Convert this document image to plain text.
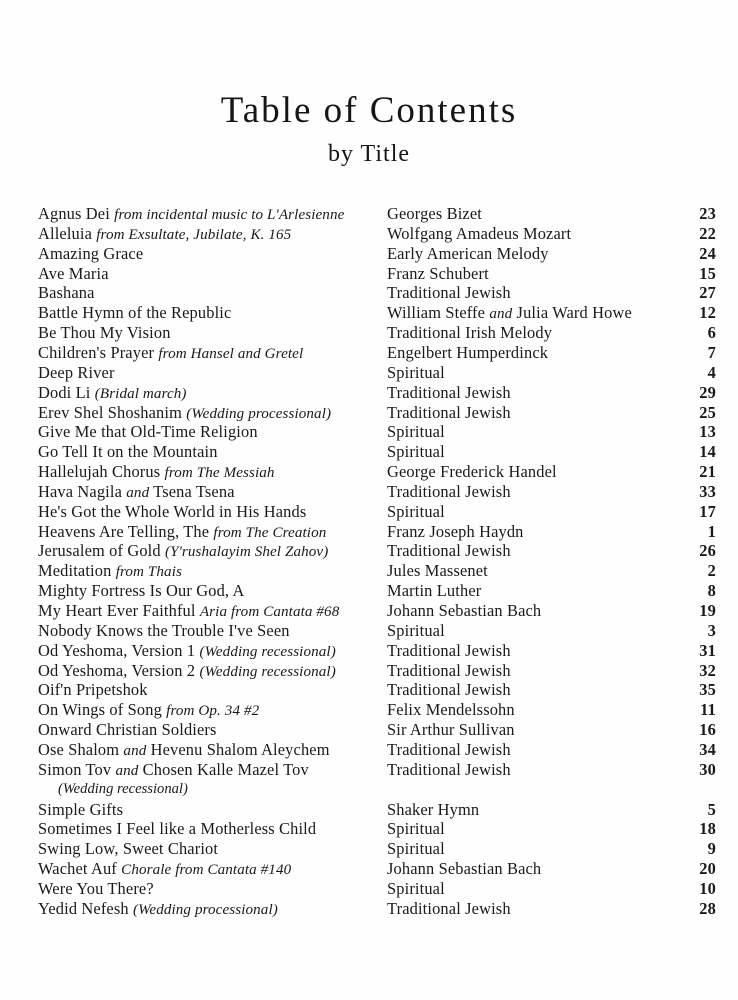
Table of Contents
by Title
Agnus Dei from incidental music to L'Arlesienne	Georges Bizet	23
Alleluia from Exsultate, Jubilate, K. 165	Wolfgang Amadeus Mozart	22
Amazing Grace	Early American Melody	24
Ave Maria	Franz Schubert	15
Bashana	Traditional Jewish	27
Battle Hymn of the Republic	William Steffe and Julia Ward Howe	12
Be Thou My Vision	Traditional Irish Melody	6
Children's Prayer from Hansel and Gretel	Engelbert Humperdinck	7
Deep River	Spiritual	4
Dodi Li (Bridal march)	Traditional Jewish	29
Erev Shel Shoshanim (Wedding processional)	Traditional Jewish	25
Give Me that Old-Time Religion	Spiritual	13
Go Tell It on the Mountain	Spiritual	14
Hallelujah Chorus from The Messiah	George Frederick Handel	21
Hava Nagila and Tsena Tsena	Traditional Jewish	33
He's Got the Whole World in His Hands	Spiritual	17
Heavens Are Telling, The from The Creation	Franz Joseph Haydn	1
Jerusalem of Gold (Y'rushalayim Shel Zahov)	Traditional Jewish	26
Meditation from Thais	Jules Massenet	2
Mighty Fortress Is Our God, A	Martin Luther	8
My Heart Ever Faithful Aria from Cantata #68	Johann Sebastian Bach	19
Nobody Knows the Trouble I've Seen	Spiritual	3
Od Yeshoma, Version 1 (Wedding recessional)	Traditional Jewish	31
Od Yeshoma, Version 2 (Wedding recessional)	Traditional Jewish	32
Oif'n Pripetshok	Traditional Jewish	35
On Wings of Song from Op. 34 #2	Felix Mendelssohn	11
Onward Christian Soldiers	Sir Arthur Sullivan	16
Ose Shalom and Hevenu Shalom Aleychem	Traditional Jewish	34
Simon Tov and Chosen Kalle Mazel Tov	Traditional Jewish	30
(Wedding recessional)
Simple Gifts	Shaker Hymn	5
Sometimes I Feel like a Motherless Child	Spiritual	18
Swing Low, Sweet Chariot	Spiritual	9
Wachet Auf Chorale from Cantata #140	Johann Sebastian Bach	20
Were You There?	Spiritual	10
Yedid Nefesh (Wedding processional)	Traditional Jewish	28
